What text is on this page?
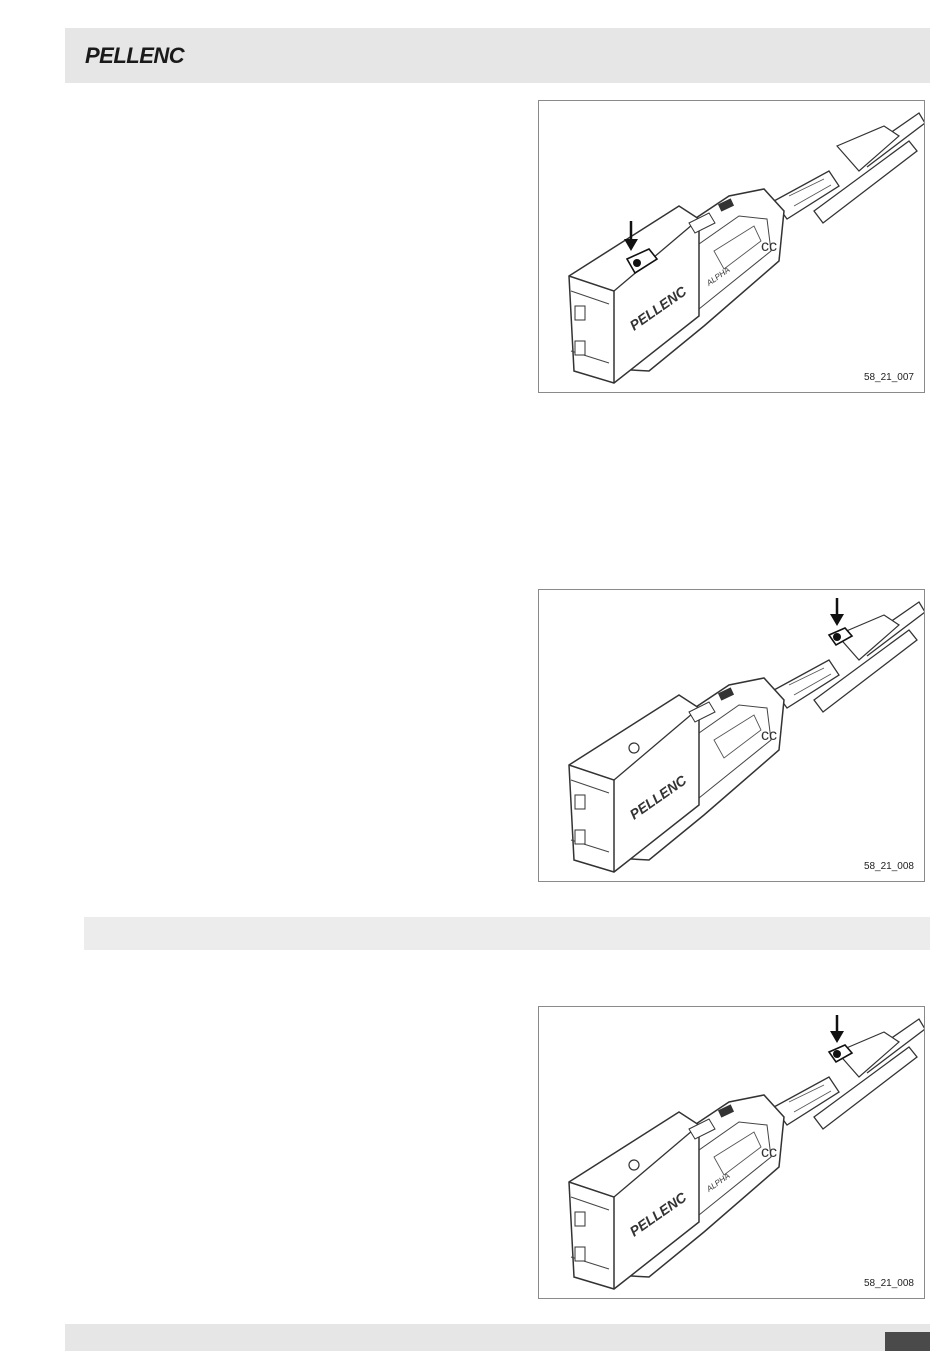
PELLENC
PELLENC
ALPHA
58_21_007
PELLENC
58_21_008
PELLENC
ALPHA
58_21_008
